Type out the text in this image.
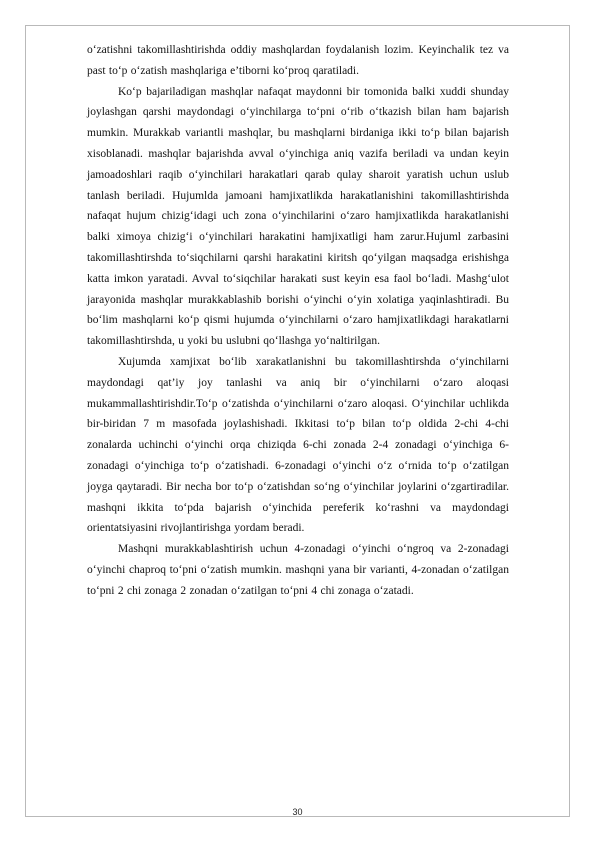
o‘zatishni takomillashtirishda oddiy mashqlardan foydalanish lozim. Keyinchalik tez va past to‘p o‘zatish mashqlariga e’tiborni ko‘proq qaratiladi.

Ko‘p bajariladigan mashqlar nafaqat maydonni bir tomonida balki xuddi shunday joylashgan qarshi maydondagi o‘yinchilarga to‘pni o‘rib o‘tkazish bilan ham bajarish mumkin. Murakkab variantli mashqlar, bu mashqlarni birdaniga ikki to‘p bilan bajarish xisoblanadi. mashqlar bajarishda avval o‘yinchiga aniq vazifa beriladi va undan keyin jamoadoshlari raqib o‘yinchilari harakatlari qarab qulay sharoit yaratish uchun uslub tanlash beriladi. Hujumlda jamoani hamjixatlikda harakatlanishini takomillashtirishda nafaqat hujum chizig‘idagi uch zona o‘yinchilarini o‘zaro hamjixatlikda harakatlanishi balki ximoya chizig‘i o‘yinchilari harakatini hamjixatligi ham zarur.Hujuml zarbasini takomillashtirshda to‘siqchilarni qarshi harakatini kiritsh qo‘yilgan maqsadga erishishga katta imkon yaratadi. Avval to‘siqchilar harakati sust keyin esa faol bo‘ladi. Mashg‘ulot jarayonida mashqlar murakkablashib borishi o‘yinchi o‘yin xolatiga yaqinlashtiradi. Bu bo‘lim mashqlarni ko‘p qismi hujumda o‘yinchilarni o‘zaro hamjixatlikdagi harakatlarni takomillashtirshda, u yoki bu uslubni qo‘llashga yo‘naltirilgan.

Xujumda xamjixat bo‘lib xarakatlanishni bu takomillashtirshda o‘yinchilarni maydondagi qat’iy joy tanlashi va aniq bir o‘yinchilarni o‘zaro aloqasi mukammallashtirishdir.To‘p o‘zatishda o‘yinchilarni o‘zaro aloqasi. O‘yinchilar uchlikda bir-biridan 7 m masofada joylashishadi. Ikkitasi to‘p bilan to‘p oldida 2-chi 4-chi zonalarda uchinchi o‘yinchi orqa chiziqda 6-chi zonada 2-4 zonadagi o‘yinchiga 6-zonadagi o‘yinchiga to‘p o‘zatishadi. 6-zonadagi o‘yinchi o‘z o‘rnida to‘p o‘zatilgan joyga qaytaradi. Bir necha bor to‘p o‘zatishdan so‘ng o‘yinchilar joylarini o‘zgartiradilar. mashqni ikkita to‘pda bajarish o‘yinchida pereferik ko‘rashni va maydondagi orientatsiyasini rivojlantirishga yordam beradi.

Mashqni murakkablashtirish uchun 4-zonadagi o‘yinchi o‘ngroq va 2-zonadagi o‘yinchi chaproq to‘pni o‘zatish mumkin. mashqni yana bir varianti, 4-zonadan o‘zatilgan to‘pni 2 chi zonaga 2 zonadan o‘zatilgan to‘pni 4 chi zonaga o‘zatadi.

30
